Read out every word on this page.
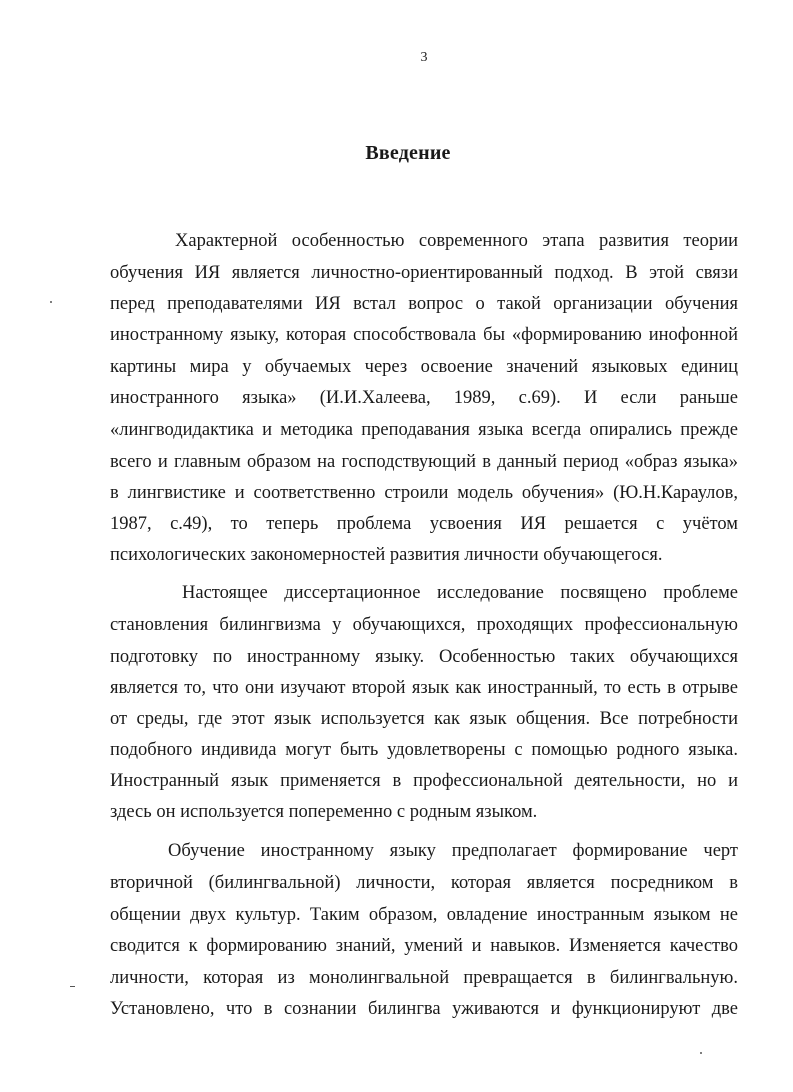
3
Введение
Характерной особенностью современного этапа развития теории
обучения ИЯ является личностно-ориентированный подход. В этой связи
перед преподавателями ИЯ встал вопрос о такой организации обучения
иностранному языку, которая способствовала бы «формированию инофонной
картины мира у обучаемых через освоение значений языковых единиц
иностранного языка» (И.И.Халеева, 1989, с.69). И если раньше
«лингводидактика и методика преподавания языка всегда опирались прежде
всего и главным образом на господствующий в данный период «образ языка»
в лингвистике и соответственно строили модель обучения» (Ю.Н.Караулов,
1987, с.49), то теперь проблема усвоения ИЯ решается с учётом
психологических закономерностей развития личности обучающегося.
Настоящее диссертационное исследование посвящено проблеме
становления билингвизма у обучающихся, проходящих профессиональную
подготовку по иностранному языку. Особенностью таких обучающихся
является то, что они изучают второй язык как иностранный, то есть в отрыве
от среды, где этот язык используется как язык общения. Все потребности
подобного индивида могут быть удовлетворены с помощью родного языка.
Иностранный язык применяется в профессиональной деятельности, но и
здесь он используется попеременно с родным языком.
Обучение иностранному языку предполагает формирование черт
вторичной (билингвальной) личности, которая является посредником в
общении двух культур. Таким образом, овладение иностранным языком не
сводится к формированию знаний, умений и навыков. Изменяется качество
личности, которая из монолингвальной превращается в билингвальную.
Установлено, что в сознании билингва уживаются и функционируют две
